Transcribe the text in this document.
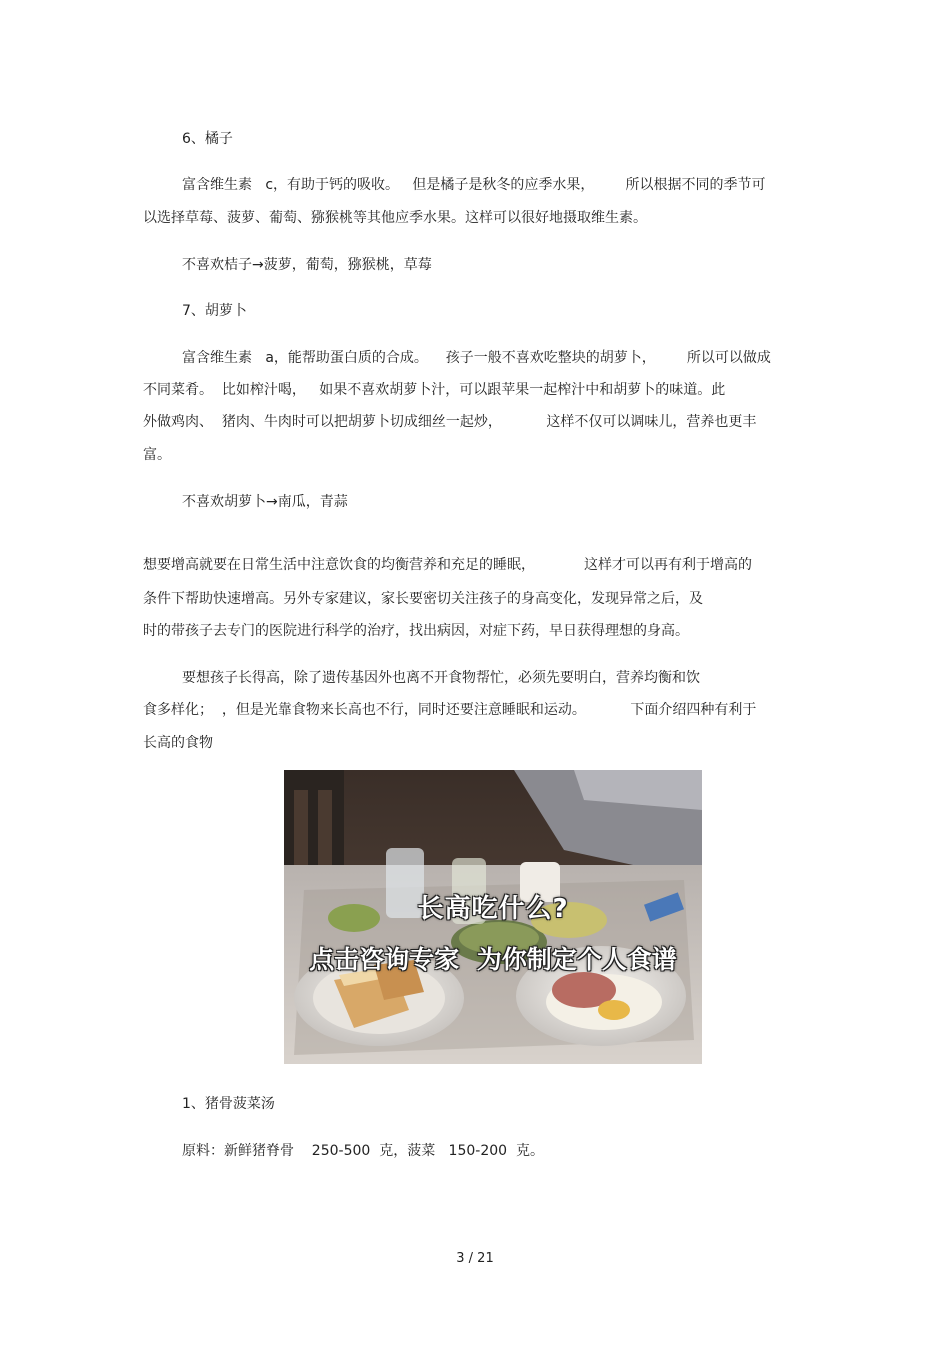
6、橘子
富含维生素   c，有助于钙的吸收。   但是橘子是秋冬的应季水果，       所以根据不同的季节可
以选择草莓、菠萝、葡萄、猕猴桃等其他应季水果。这样可以很好地摄取维生素。
不喜欢桔子→菠萝，葡萄，猕猴桃，草莓
7、胡萝卜
富含维生素   a，能帮助蛋白质的合成。    孩子一般不喜欢吃整块的胡萝卜，       所以可以做成
不同菜肴。  比如榨汁喝，   如果不喜欢胡萝卜汁，可以跟苹果一起榨汁中和胡萝卜的味道。此
外做鸡肉、  猪肉、牛肉时可以把胡萝卜切成细丝一起炒，          这样不仅可以调味儿，营养也更丰
富。
不喜欢胡萝卜→南瓜，青蒜
想要增高就要在日常生活中注意饮食的均衡营养和充足的睡眠，           这样才可以再有利于增高的
条件下帮助快速增高。另外专家建议，家长要密切关注孩子的身高变化，发现异常之后，及
时的带孩子去专门的医院进行科学的治疗，找出病因，对症下药，早日获得理想的身高。
要想孩子长得高，除了遗传基因外也离不开食物帮忙，必须先要明白，营养均衡和饮
食多样化；  ，但是光靠食物来长高也不行，同时还要注意睡眠和运动。          下面介绍四种有利于
长高的食物
长高吃什么?
点击咨询专家  为你制定个人食谱
1、猪骨菠菜汤
原料：新鲜猪脊骨    250-500  克，菠菜   150-200  克。
3 / 21
